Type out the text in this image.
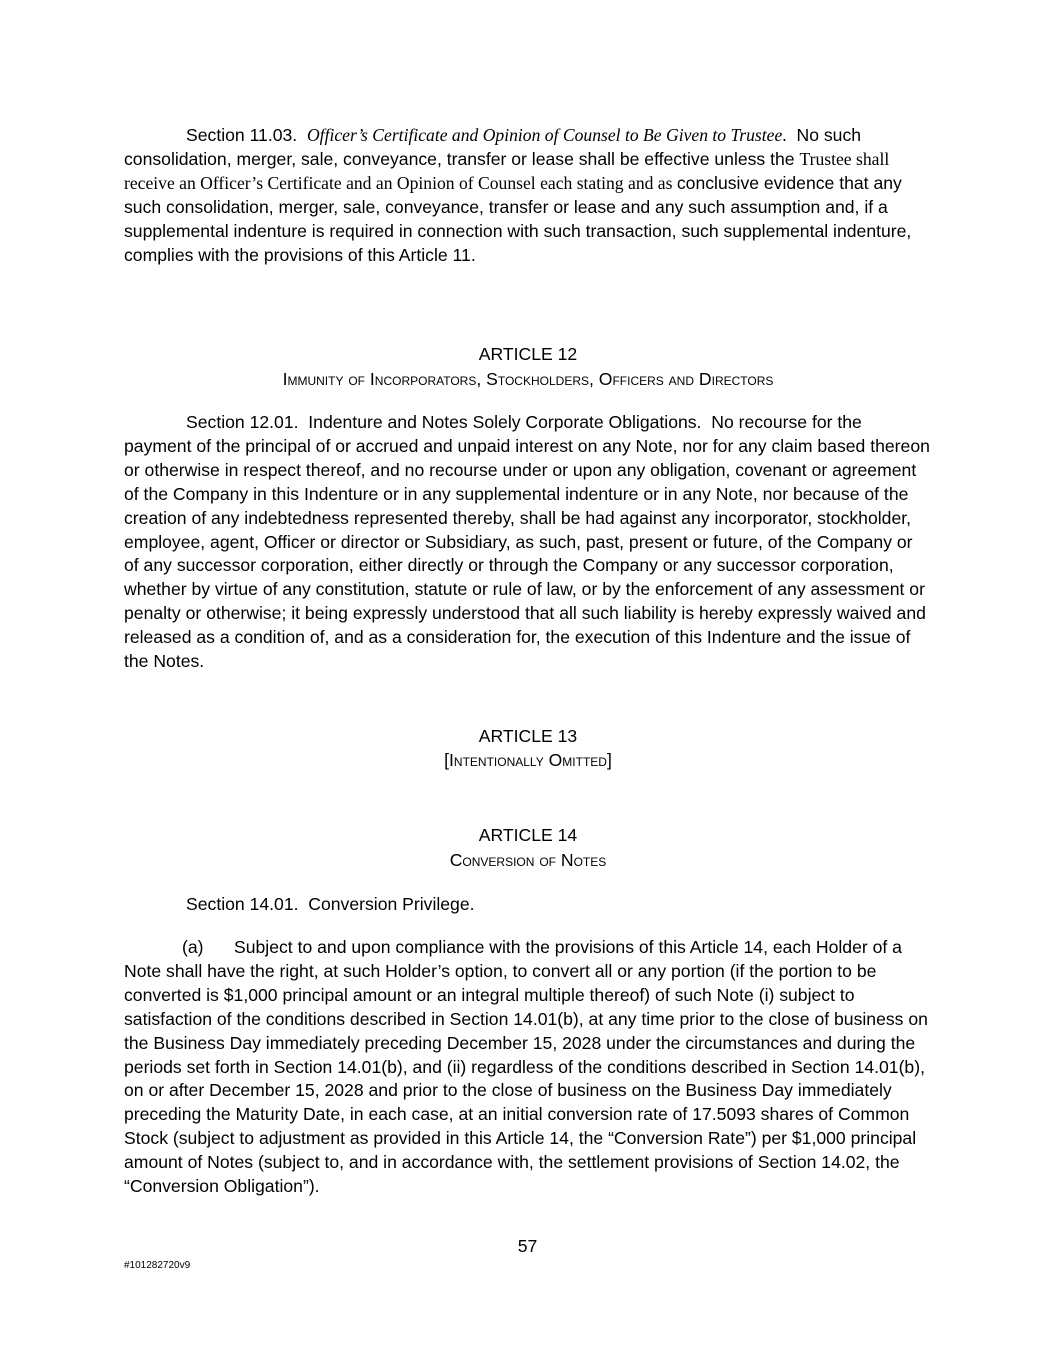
Section 11.03. Officer’s Certificate and Opinion of Counsel to Be Given to Trustee. No such consolidation, merger, sale, conveyance, transfer or lease shall be effective unless the Trustee shall receive an Officer’s Certificate and an Opinion of Counsel each stating and as conclusive evidence that any such consolidation, merger, sale, conveyance, transfer or lease and any such assumption and, if a supplemental indenture is required in connection with such transaction, such supplemental indenture, complies with the provisions of this Article 11.

ARTICLE 12

Immunity of Incorporators, Stockholders, Officers and Directors

Section 12.01. Indenture and Notes Solely Corporate Obligations. No recourse for the payment of the principal of or accrued and unpaid interest on any Note, nor for any claim based thereon or otherwise in respect thereof, and no recourse under or upon any obligation, covenant or agreement of the Company in this Indenture or in any supplemental indenture or in any Note, nor because of the creation of any indebtedness represented thereby, shall be had against any incorporator, stockholder, employee, agent, Officer or director or Subsidiary, as such, past, present or future, of the Company or of any successor corporation, either directly or through the Company or any successor corporation, whether by virtue of any constitution, statute or rule of law, or by the enforcement of any assessment or penalty or otherwise; it being expressly understood that all such liability is hereby expressly waived and released as a condition of, and as a consideration for, the execution of this Indenture and the issue of the Notes.

ARTICLE 13

[Intentionally Omitted]

ARTICLE 14

Conversion of Notes

Section 14.01. Conversion Privilege.

(a) Subject to and upon compliance with the provisions of this Article 14, each Holder of a Note shall have the right, at such Holder’s option, to convert all or any portion (if the portion to be converted is $1,000 principal amount or an integral multiple thereof) of such Note (i) subject to satisfaction of the conditions described in Section 14.01(b), at any time prior to the close of business on the Business Day immediately preceding December 15, 2028 under the circumstances and during the periods set forth in Section 14.01(b), and (ii) regardless of the conditions described in Section 14.01(b), on or after December 15, 2028 and prior to the close of business on the Business Day immediately preceding the Maturity Date, in each case, at an initial conversion rate of 17.5093 shares of Common Stock (subject to adjustment as provided in this Article 14, the “Conversion Rate”) per $1,000 principal amount of Notes (subject to, and in accordance with, the settlement provisions of Section 14.02, the “Conversion Obligation”).

57
#101282720v9
